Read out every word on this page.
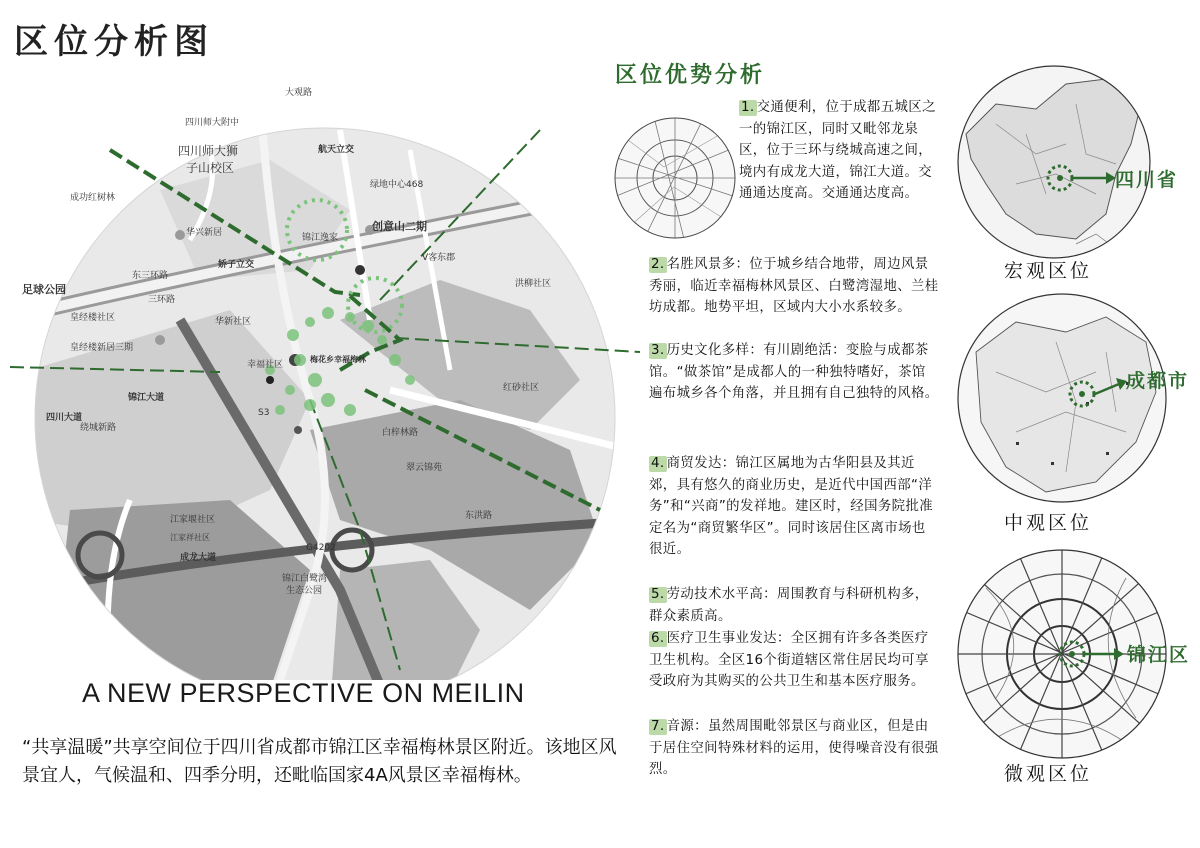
区位分析图
大观路
四川师大附中
四川师大狮
子山校区
成功红树林
华兴新居
航天立交
绿地中心468
创意山二期
锦江逸家
娇子立交
V客东郡
洪柳社区
足球公园
华新社区
皇经楼新居三期
皇经楼社区
幸福社区
江家堰社区
江家祥社区
红砂社区
锦江大道
白梓林路
翠云锦苑
三环路
锦江白鹭湾
生态公园
成龙大道
东洪路
G4202
S3
梅花乡幸福梅林
绕城新路
四川大道
东三环路
A NEW PERSPECTIVE ON MEILIN
“共享温暖”共享空间位于四川省成都市锦江区幸福梅林景区附近。该地区风景宜人，气候温和、四季分明，还毗临国家4A风景区幸福梅林。
区位优势分析
1. 交通便利，位于成都五城区之一的锦江区，同时又毗邻龙泉区，位于三环与绕城高速之间，境内有成龙大道，锦江大道。交通通达度高。交通通达度高。
2. 名胜风景多：位于城乡结合地带，周边风景秀丽，临近幸福梅林风景区、白鹭湾湿地、兰桂坊成都。地势平坦，区域内大小水系较多。
3. 历史文化多样：有川剧绝活：变脸与成都茶馆。“做茶馆”是成都人的一种独特嗜好，茶馆遍布城乡各个角落，并且拥有自己独特的风格。
4. 商贸发达：锦江区属地为古华阳县及其近郊，具有悠久的商业历史，是近代中国西部“洋务”和“兴商”的发祥地。建区时，经国务院批准定名为“商贸繁华区”。同时该居住区离市场也很近。
5. 劳动技术水平高：周围教育与科研机构多，群众素质高。
6. 医疗卫生事业发达：全区拥有许多各类医疗卫生机构。全区16个街道辖区常住居民均可享受政府为其购买的公共卫生和基本医疗服务。
7. 音源：虽然周围毗邻景区与商业区，但是由于居住空间特殊材料的运用，使得噪音没有很强烈。
四川省
宏观区位
成都市
中观区位
锦江区
微观区位
